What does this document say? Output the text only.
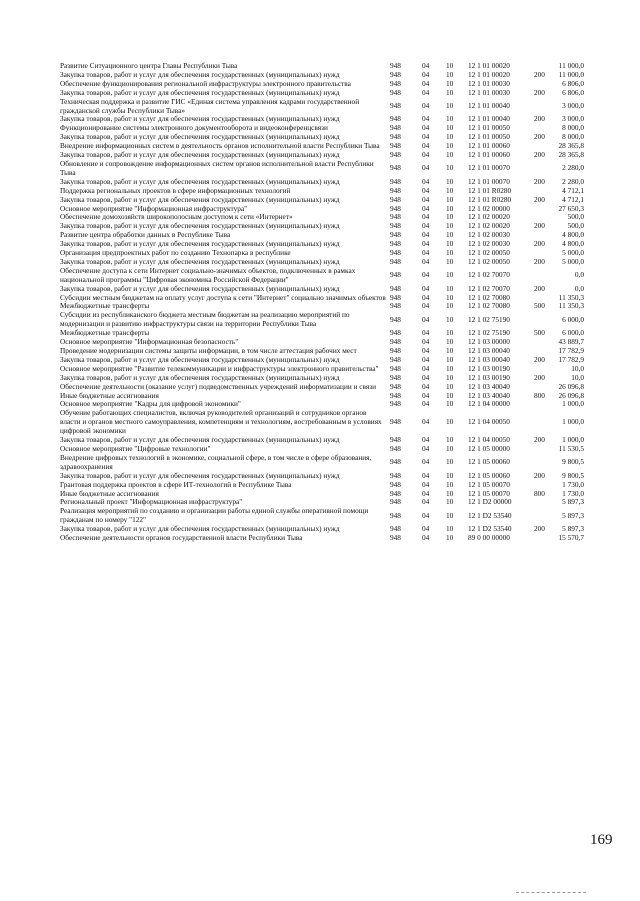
Развитие Ситуационного центра Главы Республики Тыва	948	04	10	12 1 01 00020		11 000,0
Закупка товаров, работ и услуг для обеспечения государственных (муниципальных) нужд	948	04	10	12 1 01 00020	200	11 000,0
Обеспечение функционирования региональной инфраструктуры электронного правительства	948	04	10	12 1 01 00030		6 806,0
Закупка товаров, работ и услуг для обеспечения государственных (муниципальных) нужд	948	04	10	12 1 01 00030	200	6 806,0
Техническая поддержка и развитие ГИС «Единая система управления кадрами государственной гражданской службы Республики Тыва»	948	04	10	12 1 01 00040		3 000,0
Закупка товаров, работ и услуг для обеспечения государственных (муниципальных) нужд	948	04	10	12 1 01 00040	200	3 000,0
Функционирование системы электронного документооборота и видеоконференцсвязи	948	04	10	12 1 01 00050		8 000,0
Закупка товаров, работ и услуг для обеспечения государственных (муниципальных) нужд	948	04	10	12 1 01 00050	200	8 000,0
Внедрение информационных систем в деятельность органов исполнительной власти Республики Тыва	948	04	10	12 1 01 00060		28 365,8
Закупка товаров, работ и услуг для обеспечения государственных (муниципальных) нужд	948	04	10	12 1 01 00060	200	28 365,8
Обновление и сопровождение информационных систем органов исполнительной власти Республики Тыва	948	04	10	12 1 01 00070		2 280,0
Закупка товаров, работ и услуг для обеспечения государственных (муниципальных) нужд	948	04	10	12 1 01 00070	200	2 280,0
Поддержка региональных проектов в сфере информационных технологий	948	04	10	12 1 01 R0280		4 712,1
Закупка товаров, работ и услуг для обеспечения государственных (муниципальных) нужд	948	04	10	12 1 01 R0280	200	4 712,1
Основное мероприятие "Информационная инфраструктура"	948	04	10	12 1 02 00000		27 650,3
Обеспечение домохозяйств широкополосным доступом к сети «Интернет»	948	04	10	12 1 02 00020		500,0
Закупка товаров, работ и услуг для обеспечения государственных (муниципальных) нужд	948	04	10	12 1 02 00020	200	500,0
Развитие центра обработки данных в Республике Тыва	948	04	10	12 1 02 00030		4 800,0
Закупка товаров, работ и услуг для обеспечения государственных (муниципальных) нужд	948	04	10	12 1 02 00030	200	4 800,0
Организация предпроектных работ по созданию Технопарка в республике	948	04	10	12 1 02 00050		5 000,0
Закупка товаров, работ и услуг для обеспечения государственных (муниципальных) нужд	948	04	10	12 1 02 00050	200	5 000,0
Обеспечение доступа к сети Интернет социально-значимых объектов, подключенных в рамках национальной программы "Цифровая экономика Российской Федерации"	948	04	10	12 1 02 70070		0,0
Закупка товаров, работ и услуг для обеспечения государственных (муниципальных) нужд	948	04	10	12 1 02 70070	200	0,0
Субсидии местным бюджетам на оплату услуг доступа к сети "Интернет" социально значимых объектов	948	04	10	12 1 02 70080		11 350,3
Межбюджетные трансферты	948	04	10	12 1 02 70080	500	11 350,3
Субсидии из республиканского бюджета местным бюджетам на реализацию мероприятий по модернизации и развитию инфраструктуры связи на территории Республики Тыва	948	04	10	12 1 02 75190		6 000,0
Межбюджетные трансферты	948	04	10	12 1 02 75190	500	6 000,0
Основное мероприятие "Информационная безопасность"	948	04	10	12 1 03 00000		43 889,7
Проведение модернизации системы защиты информации, в том числе аттестация рабочих мест	948	04	10	12 1 03 00040		17 782,9
Закупка товаров, работ и услуг для обеспечения государственных (муниципальных) нужд	948	04	10	12 1 03 00040	200	17 782,9
Основное мероприятие "Развитие телекоммуникации и инфраструктуры электронного правительства"	948	04	10	12 1 03 00190		10,0
Закупка товаров, работ и услуг для обеспечения государственных (муниципальных) нужд	948	04	10	12 1 03 00190	200	10,0
Обеспечение деятельности (оказание услуг) подведомственных учреждений информатизации и связи	948	04	10	12 1 03 40040		26 096,8
Иные бюджетные ассигнования	948	04	10	12 1 03 40040	800	26 096,8
Основное мероприятие "Кадры для цифровой экономики"	948	04	10	12 1 04 00000		1 000,0
Обучение работающих специалистов, включая руководителей организаций и сотрудников органов власти и органов местного самоуправления, компетенциям и технологиям, востребованным в условиях цифровой экономики	948	04	10	12 1 04 00050		1 000,0
Закупка товаров, работ и услуг для обеспечения государственных (муниципальных) нужд	948	04	10	12 1 04 00050	200	1 000,0
Основное мероприятие "Цифровые технологии"	948	04	10	12 1 05 00000		11 530,5
Внедрение цифровых технологий в экономике, социальной сфере, в том числе в сфере образования, здравоохранения	948	04	10	12 1 05 00060		9 800,5
Закупка товаров, работ и услуг для обеспечения государственных (муниципальных) нужд	948	04	10	12 1 05 00060	200	9 800,5
Грантовая поддержка проектов в сфере ИТ-технологий в Республике Тыва	948	04	10	12 1 05 00070		1 730,0
Иные бюджетные ассигнования	948	04	10	12 1 05 00070	800	1 730,0
Региональный проект "Информационная инфраструктура"	948	04	10	12 1 D2 00000		5 897,3
Реализация мероприятий по созданию и организации работы единой службы оперативной помощи гражданам по номеру "122"	948	04	10	12 1 D2 53540		5 897,3
Закупка товаров, работ и услуг для обеспечения государственных (муниципальных) нужд	948	04	10	12 1 D2 53540	200	5 897,3
Обеспечение деятельности органов государственной власти Республики Тыва	948	04	10	89 0 00 00000		15 570,7
169
